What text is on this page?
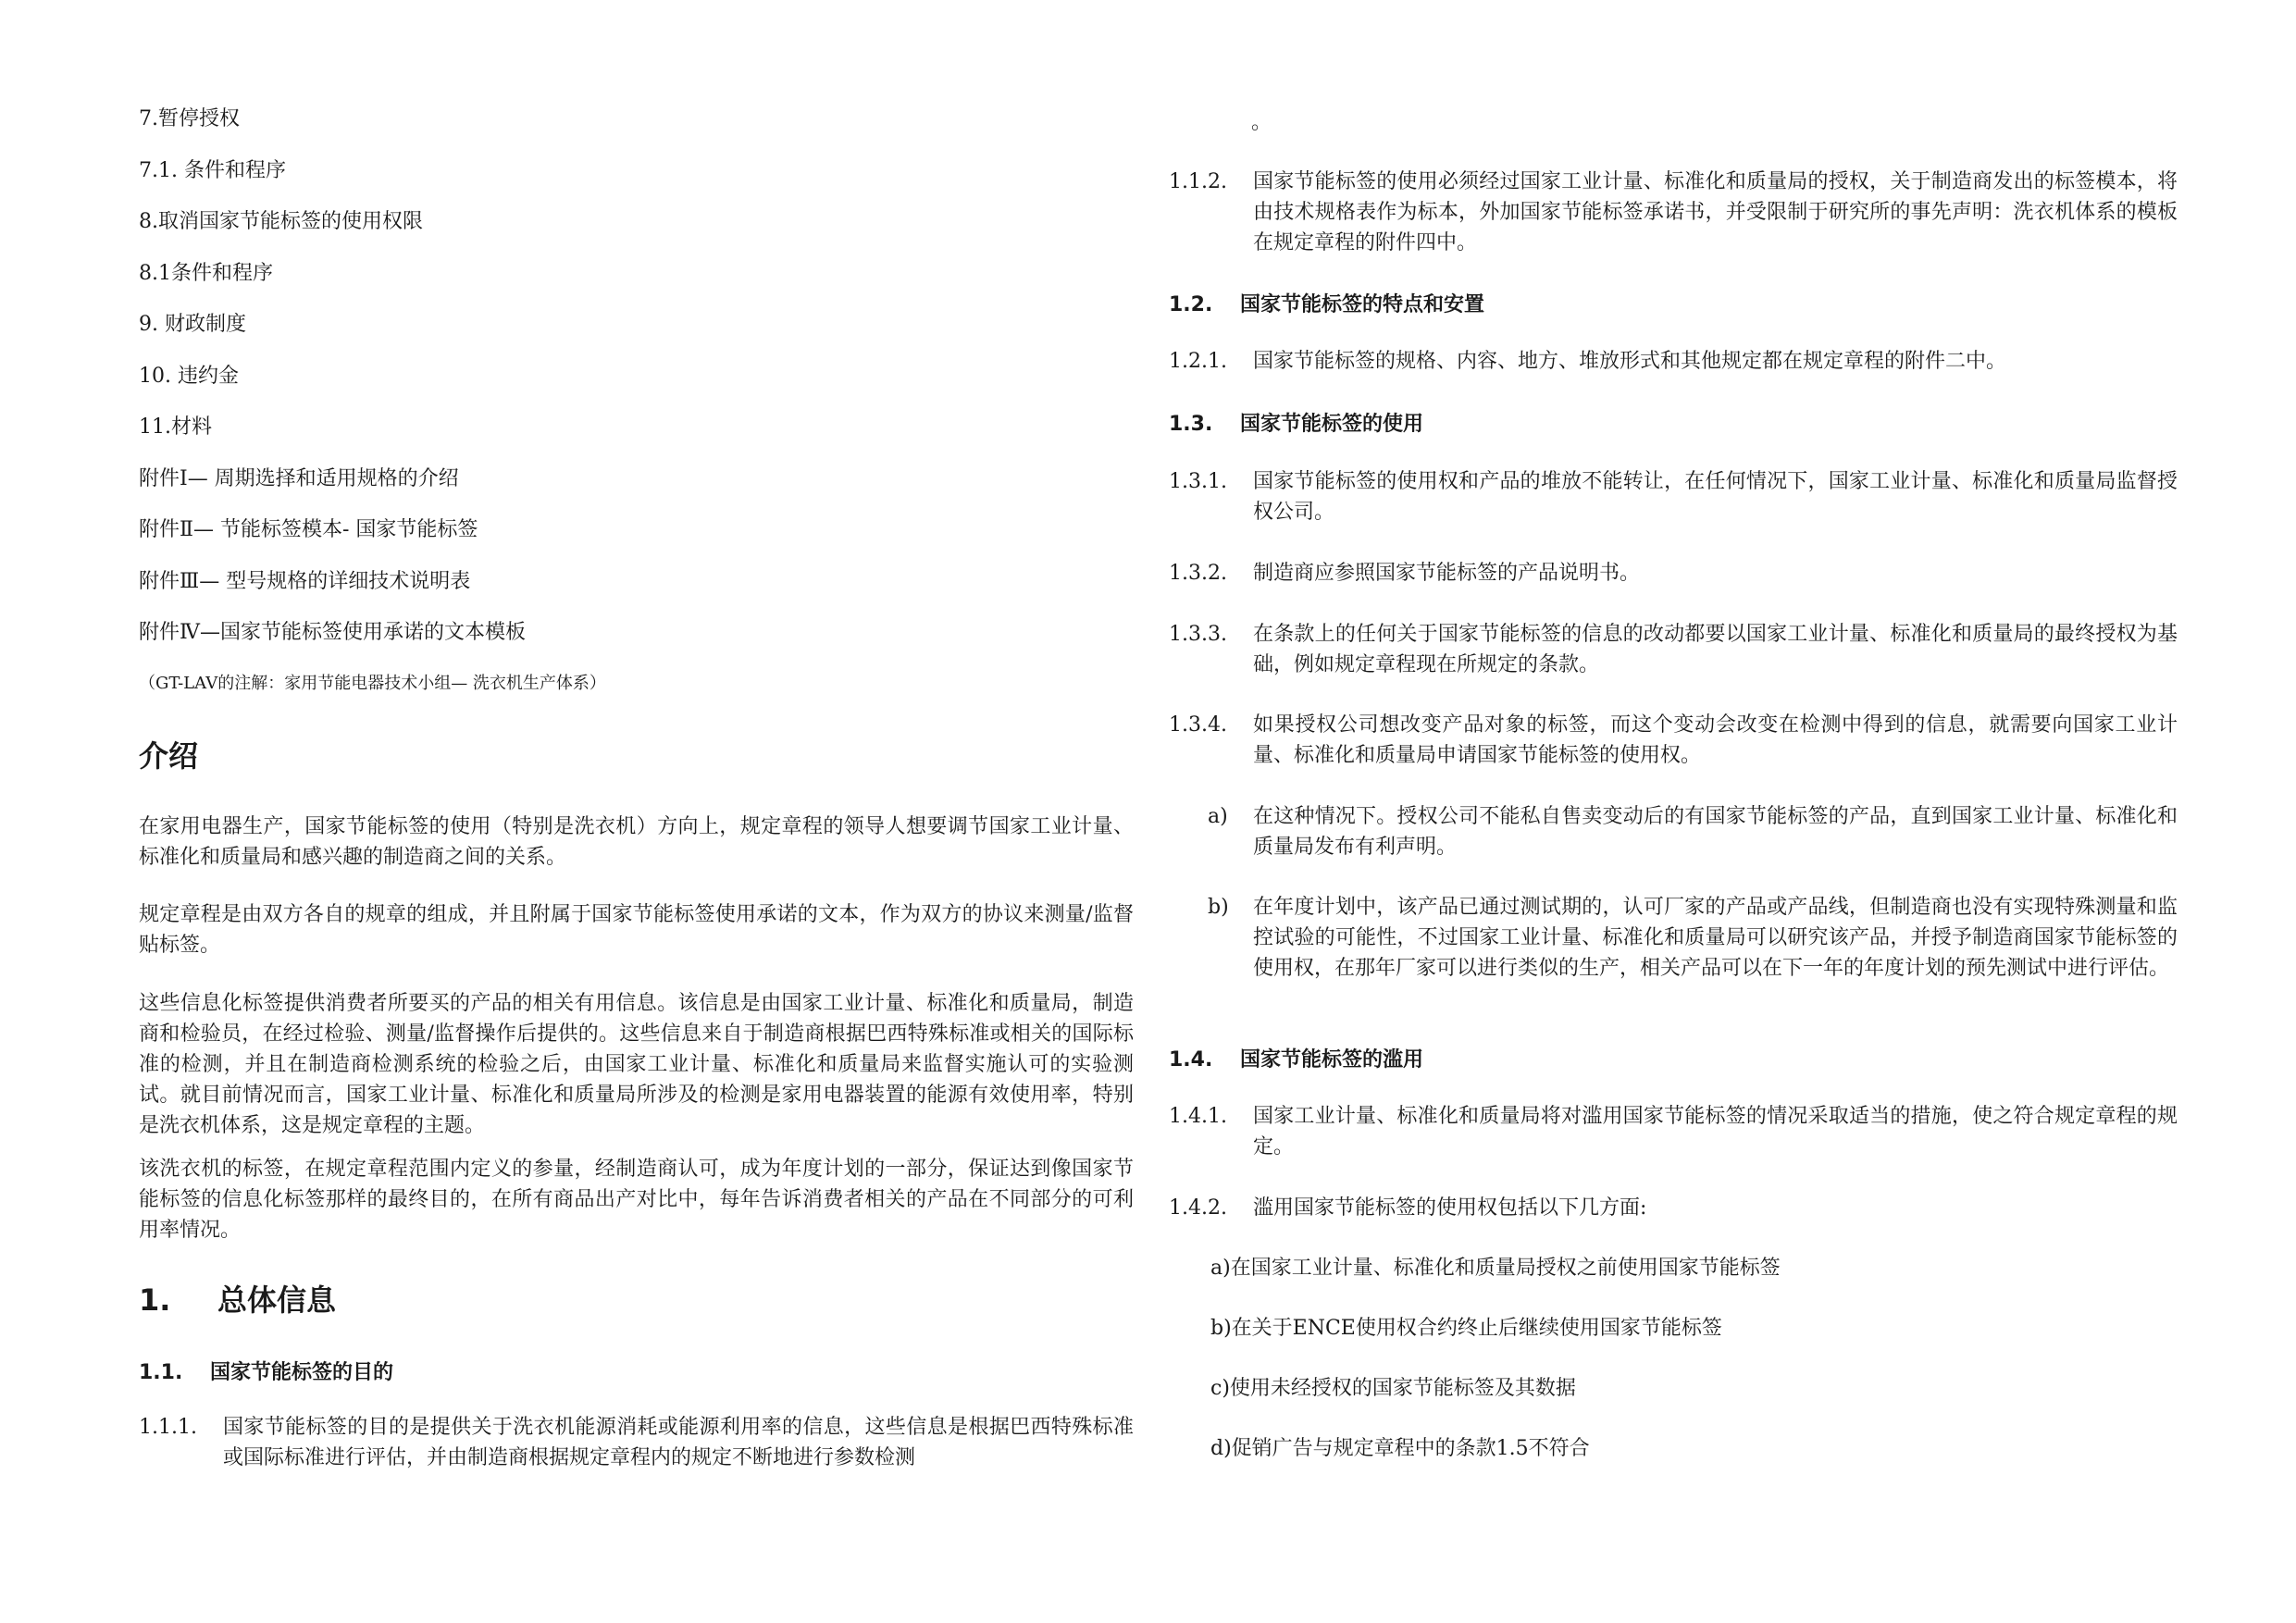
7.暂停授权
7.1. 条件和程序
8.取消国家节能标签的使用权限
8.1条件和程序
9. 财政制度
10. 违约金
11.材料
附件Ⅰ— 周期选择和适用规格的介绍
附件Ⅱ— 节能标签模本- 国家节能标签
附件Ⅲ— 型号规格的详细技术说明表
附件Ⅳ—国家节能标签使用承诺的文本模板
（GT-LAV的注解：家用节能电器技术小组— 洗衣机生产体系）
介绍
在家用电器生产，国家节能标签的使用（特别是洗衣机）方向上，规定章程的领导人想要调节国家工业计量、标准化和质量局和感兴趣的制造商之间的关系。
规定章程是由双方各自的规章的组成，并且附属于国家节能标签使用承诺的文本，作为双方的协议来测量/监督贴标签。
这些信息化标签提供消费者所要买的产品的相关有用信息。该信息是由国家工业计量、标准化和质量局，制造商和检验员，在经过检验、测量/监督操作后提供的。这些信息来自于制造商根据巴西特殊标准或相关的国际标准的检测，并且在制造商检测系统的检验之后，由国家工业计量、标准化和质量局来监督实施认可的实验测试。就目前情况而言，国家工业计量、标准化和质量局所涉及的检测是家用电器装置的能源有效使用率，特别是洗衣机体系，这是规定章程的主题。
该洗衣机的标签，在规定章程范围内定义的参量，经制造商认可，成为年度计划的一部分，保证达到像国家节能标签的信息化标签那样的最终目的，在所有商品出产对比中，每年告诉消费者相关的产品在不同部分的可利用率情况。
1. 总体信息
1.1. 国家节能标签的目的
1.1.1.	国家节能标签的目的是提供关于洗衣机能源消耗或能源利用率的信息，这些信息是根据巴西特殊标准或国际标准进行评估，并由制造商根据规定章程内的规定不断地进行参数检测
。
1.1.2.	国家节能标签的使用必须经过国家工业计量、标准化和质量局的授权，关于制造商发出的标签模本，将由技术规格表作为标本，外加国家节能标签承诺书，并受限制于研究所的事先声明：洗衣机体系的模板在规定章程的附件四中。
1.2. 国家节能标签的特点和安置
1.2.1.	国家节能标签的规格、内容、地方、堆放形式和其他规定都在规定章程的附件二中。
1.3. 国家节能标签的使用
1.3.1.	国家节能标签的使用权和产品的堆放不能转让，在任何情况下，国家工业计量、标准化和质量局监督授权公司。
1.3.2.	制造商应参照国家节能标签的产品说明书。
1.3.3.	在条款上的任何关于国家节能标签的信息的改动都要以国家工业计量、标准化和质量局的最终授权为基础，例如规定章程现在所规定的条款。
1.3.4.	如果授权公司想改变产品对象的标签，而这个变动会改变在检测中得到的信息，就需要向国家工业计量、标准化和质量局申请国家节能标签的使用权。
a)	在这种情况下。授权公司不能私自售卖变动后的有国家节能标签的产品，直到国家工业计量、标准化和质量局发布有利声明。
b)	在年度计划中，该产品已通过测试期的，认可厂家的产品或产品线，但制造商也没有实现特殊测量和监控试验的可能性，不过国家工业计量、标准化和质量局可以研究该产品，并授予制造商国家节能标签的使用权，在那年厂家可以进行类似的生产，相关产品可以在下一年的年度计划的预先测试中进行评估。
1.4. 国家节能标签的滥用
1.4.1.	国家工业计量、标准化和质量局将对滥用国家节能标签的情况采取适当的措施，使之符合规定章程的规定。
1.4.2.	滥用国家节能标签的使用权包括以下几方面:
a)在国家工业计量、标准化和质量局授权之前使用国家节能标签
b)在关于ENCE使用权合约终止后继续使用国家节能标签
c)使用未经授权的国家节能标签及其数据
d)促销广告与规定章程中的条款1.5不符合
